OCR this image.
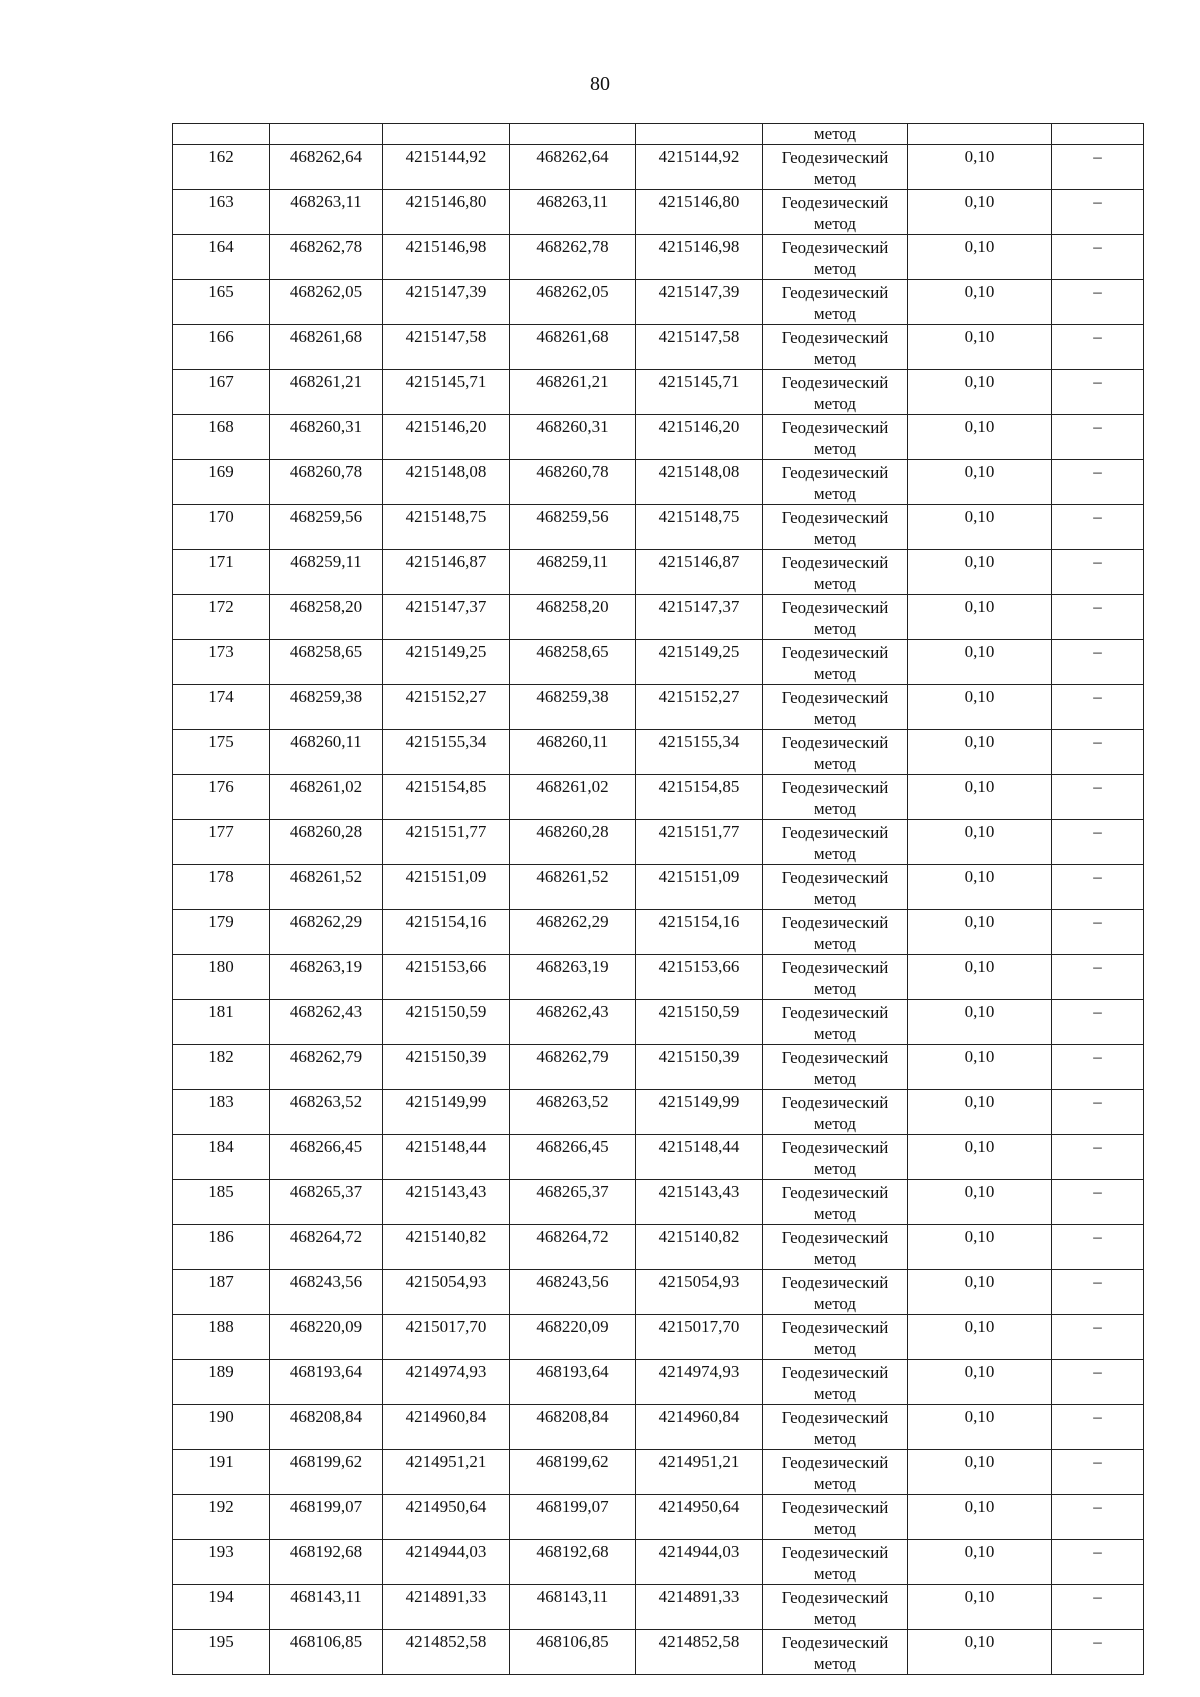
80

					метод		

162	468262,64	4215144,92	468262,64	4215144,92	Геодезический
метод	0,10	–

163	468263,11	4215146,80	468263,11	4215146,80	Геодезический
метод	0,10	–

164	468262,78	4215146,98	468262,78	4215146,98	Геодезический
метод	0,10	–

165	468262,05	4215147,39	468262,05	4215147,39	Геодезический
метод	0,10	–

166	468261,68	4215147,58	468261,68	4215147,58	Геодезический
метод	0,10	–

167	468261,21	4215145,71	468261,21	4215145,71	Геодезический
метод	0,10	–

168	468260,31	4215146,20	468260,31	4215146,20	Геодезический
метод	0,10	–

169	468260,78	4215148,08	468260,78	4215148,08	Геодезический
метод	0,10	–

170	468259,56	4215148,75	468259,56	4215148,75	Геодезический
метод	0,10	–

171	468259,11	4215146,87	468259,11	4215146,87	Геодезический
метод	0,10	–

172	468258,20	4215147,37	468258,20	4215147,37	Геодезический
метод	0,10	–

173	468258,65	4215149,25	468258,65	4215149,25	Геодезический
метод	0,10	–

174	468259,38	4215152,27	468259,38	4215152,27	Геодезический
метод	0,10	–

175	468260,11	4215155,34	468260,11	4215155,34	Геодезический
метод	0,10	–

176	468261,02	4215154,85	468261,02	4215154,85	Геодезический
метод	0,10	–

177	468260,28	4215151,77	468260,28	4215151,77	Геодезический
метод	0,10	–

178	468261,52	4215151,09	468261,52	4215151,09	Геодезический
метод	0,10	–

179	468262,29	4215154,16	468262,29	4215154,16	Геодезический
метод	0,10	–

180	468263,19	4215153,66	468263,19	4215153,66	Геодезический
метод	0,10	–

181	468262,43	4215150,59	468262,43	4215150,59	Геодезический
метод	0,10	–

182	468262,79	4215150,39	468262,79	4215150,39	Геодезический
метод	0,10	–

183	468263,52	4215149,99	468263,52	4215149,99	Геодезический
метод	0,10	–

184	468266,45	4215148,44	468266,45	4215148,44	Геодезический
метод	0,10	–

185	468265,37	4215143,43	468265,37	4215143,43	Геодезический
метод	0,10	–

186	468264,72	4215140,82	468264,72	4215140,82	Геодезический
метод	0,10	–

187	468243,56	4215054,93	468243,56	4215054,93	Геодезический
метод	0,10	–

188	468220,09	4215017,70	468220,09	4215017,70	Геодезический
метод	0,10	–

189	468193,64	4214974,93	468193,64	4214974,93	Геодезический
метод	0,10	–

190	468208,84	4214960,84	468208,84	4214960,84	Геодезический
метод	0,10	–

191	468199,62	4214951,21	468199,62	4214951,21	Геодезический
метод	0,10	–

192	468199,07	4214950,64	468199,07	4214950,64	Геодезический
метод	0,10	–

193	468192,68	4214944,03	468192,68	4214944,03	Геодезический
метод	0,10	–

194	468143,11	4214891,33	468143,11	4214891,33	Геодезический
метод	0,10	–

195	468106,85	4214852,58	468106,85	4214852,58	Геодезический
метод	0,10	–
